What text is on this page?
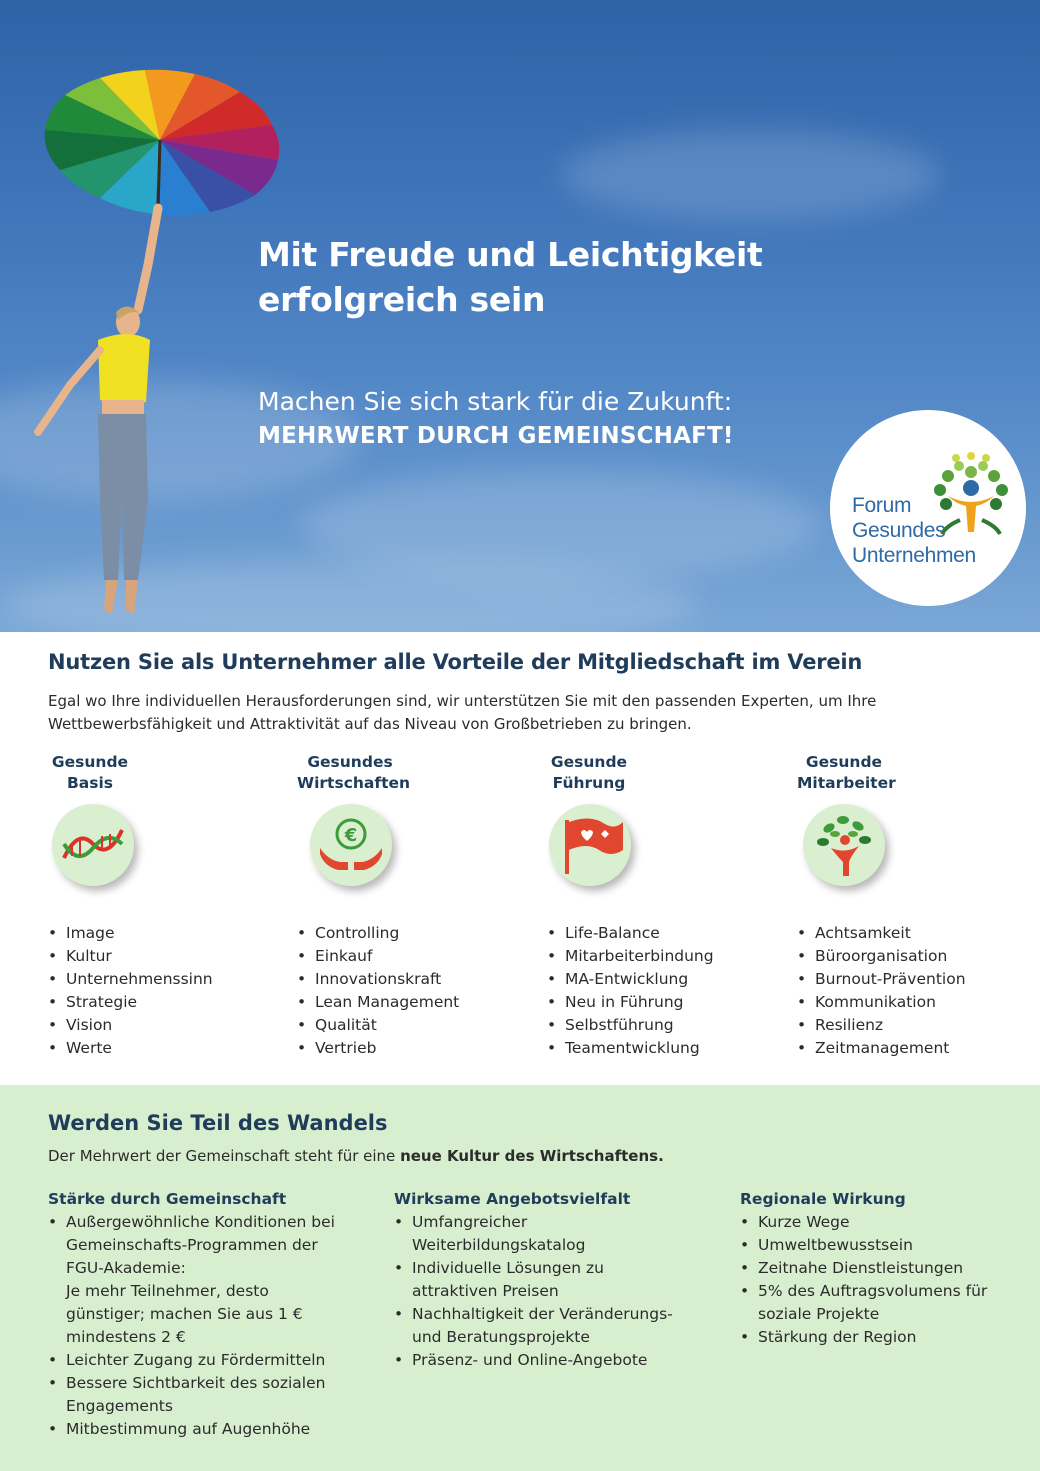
Mit Freude und Leichtigkeit
erfolgreich sein
Machen Sie sich stark für die Zukunft:
MEHRWERT DURCH GEMEINSCHAFT!
Forum
Gesundes
Unternehmen
Nutzen Sie als Unternehmer alle Vorteile der Mitgliedschaft im Verein
Egal wo Ihre individuellen Herausforderungen sind, wir unterstützen Sie mit den passenden Experten, um Ihre
Wettbewerbsfähigkeit und Attraktivität auf das Niveau von Großbetrieben zu bringen.
Gesunde
Basis
• Image
• Kultur
• Unternehmenssinn
• Strategie
• Vision
• Werte
Gesundes
Wirtschaften
€
• Controlling
• Einkauf
• Innovationskraft
• Lean Management
• Qualität
• Vertrieb
Gesunde
Führung
• Life-Balance
• Mitarbeiterbindung
• MA-Entwicklung
• Neu in Führung
• Selbstführung
• Teamentwicklung
Gesunde
Mitarbeiter
• Achtsamkeit
• Büroorganisation
• Burnout-Prävention
• Kommunikation
• Resilienz
• Zeitmanagement
Werden Sie Teil des Wandels
Der Mehrwert der Gemeinschaft steht für eine neue Kultur des Wirtschaftens.
Stärke durch Gemeinschaft
• Außergewöhnliche Konditionen bei
Gemeinschafts-Programmen der
FGU-Akademie:
Je mehr Teilnehmer, desto
günstiger; machen Sie aus 1 €
mindestens 2 €
• Leichter Zugang zu Fördermitteln
• Bessere Sichtbarkeit des sozialen
Engagements
• Mitbestimmung auf Augenhöhe
Wirksame Angebotsvielfalt
• Umfangreicher
Weiterbildungskatalog
• Individuelle Lösungen zu
attraktiven Preisen
• Nachhaltigkeit der Veränderungs-
und Beratungsprojekte
• Präsenz- und Online-Angebote
Regionale Wirkung
• Kurze Wege
• Umweltbewusstsein
• Zeitnahe Dienstleistungen
• 5% des Auftragsvolumens für
soziale Projekte
• Stärkung der Region
